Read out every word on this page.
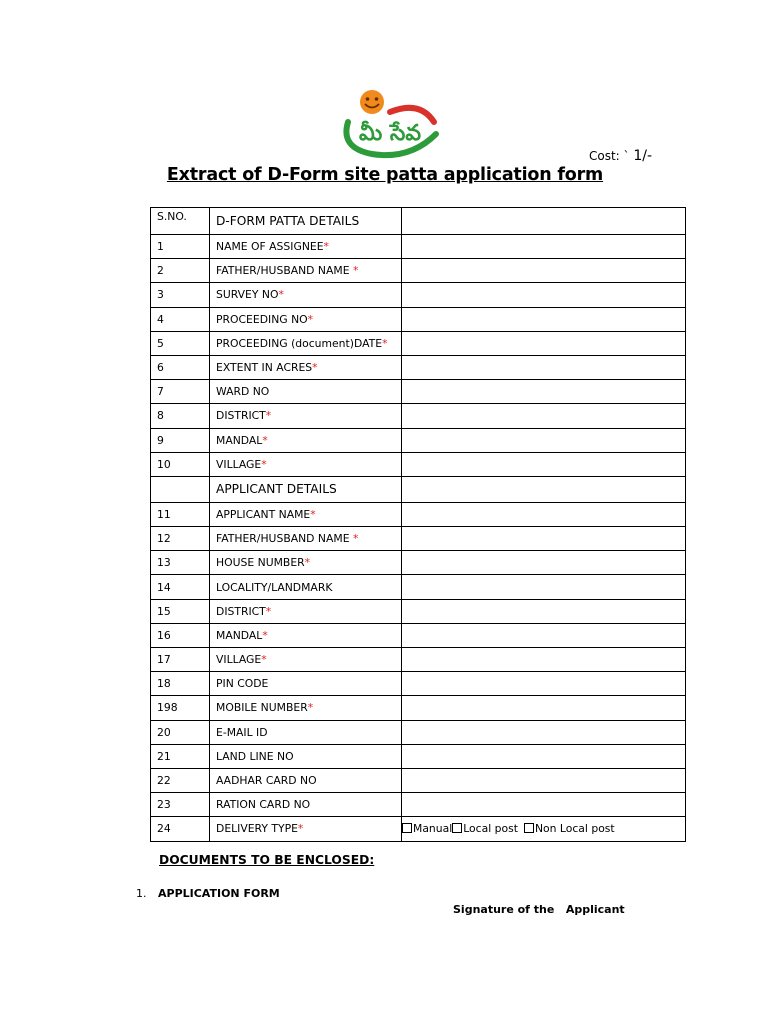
మీ సేవ
Cost: ` 1/-
Extract of D-Form site patta application form
S.NO.	D-FORM PATTA DETAILS	
1	NAME OF ASSIGNEE*	
2	FATHER/HUSBAND NAME *	
3	SURVEY NO*	
4	PROCEEDING NO*	
5	PROCEEDING (document)DATE*	
6	EXTENT IN ACRES*	
7	WARD NO	
8	DISTRICT*	
9	MANDAL*	
10	VILLAGE*	
	APPLICANT DETAILS	
11	APPLICANT NAME*	
12	FATHER/HUSBAND NAME *	
13	HOUSE NUMBER*	
14	LOCALITY/LANDMARK	
15	DISTRICT*	
16	MANDAL*	
17	VILLAGE*	
18	PIN CODE	
198	MOBILE NUMBER*	
20	E-MAIL ID	
21	LAND LINE NO	
22	AADHAR CARD NO	
23	RATION CARD NO	
24	DELIVERY TYPE*	Manual Local post Non Local post
DOCUMENTS TO BE ENCLOSED:
1. APPLICATION FORM
Signature of the   Applicant
